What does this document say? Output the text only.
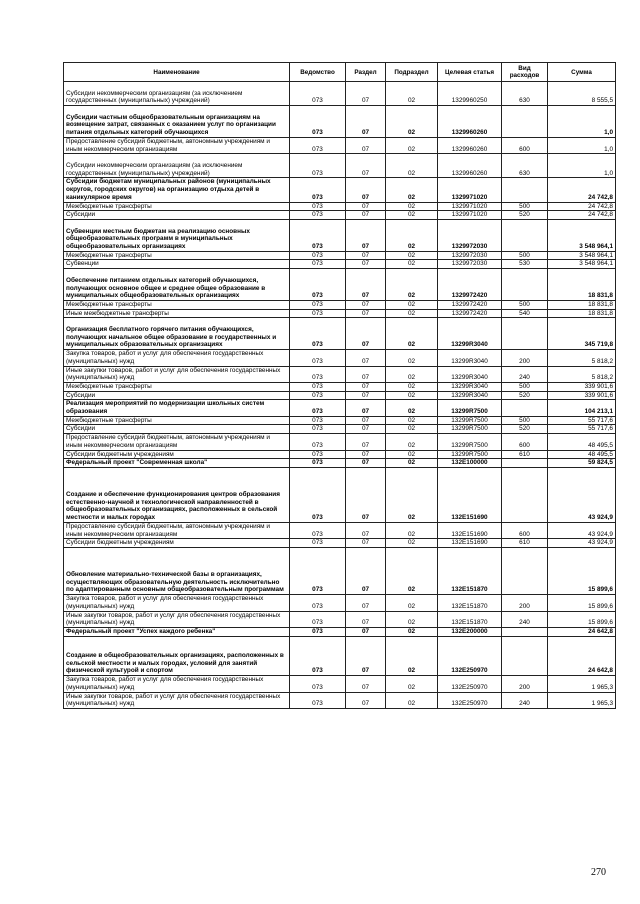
Наименование	Ведомство	Раздел	Подраздел	Целевая статья	Вид расходов	Сумма
Субсидии некоммерческим организациям (за исключением государственных (муниципальных) учреждений)	073	07	02	1329960250	630	8 555,5
Субсидии частным общеобразовательным организациям на возмещение затрат, связанных с оказанием услуг по организации питания отдельных категорий обучающихся	073	07	02	1329960260		1,0
Предоставление субсидий бюджетным, автономным учреждениям и иным некоммерческим организациям	073	07	02	1329960260	600	1,0
Субсидии некоммерческим организациям (за исключением государственных (муниципальных) учреждений)	073	07	02	1329960260	630	1,0
Субсидии бюджетам муниципальных районов (муниципальных округов, городских округов) на организацию отдыха детей в каникулярное время	073	07	02	1329971020		24 742,8
Межбюджетные трансферты	073	07	02	1329971020	500	24 742,8
Субсидии	073	07	02	1329971020	520	24 742,8
Субвенции местным бюджетам на реализацию основных общеобразовательных программ в муниципальных общеобразовательных организациях	073	07	02	1329972030		3 548 964,1
Межбюджетные трансферты	073	07	02	1329972030	500	3 548 964,1
Субвенции	073	07	02	1329972030	530	3 548 964,1
Обеспечение питанием отдельных категорий обучающихся, получающих основное общее и среднее общее образование в муниципальных общеобразовательных организациях	073	07	02	1329972420		18 831,8
Межбюджетные трансферты	073	07	02	1329972420	500	18 831,8
Иные межбюджетные трансферты	073	07	02	1329972420	540	18 831,8
Организация бесплатного горячего питания обучающихся, получающих начальное общее образование в государственных и муниципальных образовательных организациях	073	07	02	13299R3040		345 719,8
Закупка товаров, работ и услуг для обеспечения государственных (муниципальных) нужд	073	07	02	13299R3040	200	5 818,2
Иные закупки товаров, работ и услуг для обеспечения государственных (муниципальных) нужд	073	07	02	13299R3040	240	5 818,2
Межбюджетные трансферты	073	07	02	13299R3040	500	339 901,6
Субсидии	073	07	02	13299R3040	520	339 901,6
Реализация мероприятий по модернизации школьных систем образования	073	07	02	13299R7500		104 213,1
Межбюджетные трансферты	073	07	02	13299R7500	500	55 717,6
Субсидии	073	07	02	13299R7500	520	55 717,6
Предоставление субсидий бюджетным, автономным учреждениям и иным некоммерческим организациям	073	07	02	13299R7500	600	48 495,5
Субсидии бюджетным учреждениям	073	07	02	13299R7500	610	48 495,5
Федеральный проект "Современная школа"	073	07	02	132E100000		59 824,5
Создание и обеспечение функционирования центров образования естественно-научной и технологической направленностей в общеобразовательных организациях, расположенных в сельской местности и малых городах	073	07	02	132E151690		43 924,9
Предоставление субсидий бюджетным, автономным учреждениям и иным некоммерческим организациям	073	07	02	132E151690	600	43 924,9
Субсидии бюджетным учреждениям	073	07	02	132E151690	610	43 924,9
Обновление материально-технической базы в организациях, осуществляющих образовательную деятельность исключительно по адаптированным основным общеобразовательным программам	073	07	02	132E151870		15 899,6
Закупка товаров, работ и услуг для обеспечения государственных (муниципальных) нужд	073	07	02	132E151870	200	15 899,6
Иные закупки товаров, работ и услуг для обеспечения государственных (муниципальных) нужд	073	07	02	132E151870	240	15 899,6
Федеральный проект "Успех каждого ребенка"	073	07	02	132E200000		24 642,8
Создание в общеобразовательных организациях, расположенных в сельской местности и малых городах, условий для занятий физической культурой и спортом	073	07	02	132E250970		24 642,8
Закупка товаров, работ и услуг для обеспечения государственных (муниципальных) нужд	073	07	02	132E250970	200	1 965,3
Иные закупки товаров, работ и услуг для обеспечения государственных (муниципальных) нужд	073	07	02	132E250970	240	1 965,3
270
